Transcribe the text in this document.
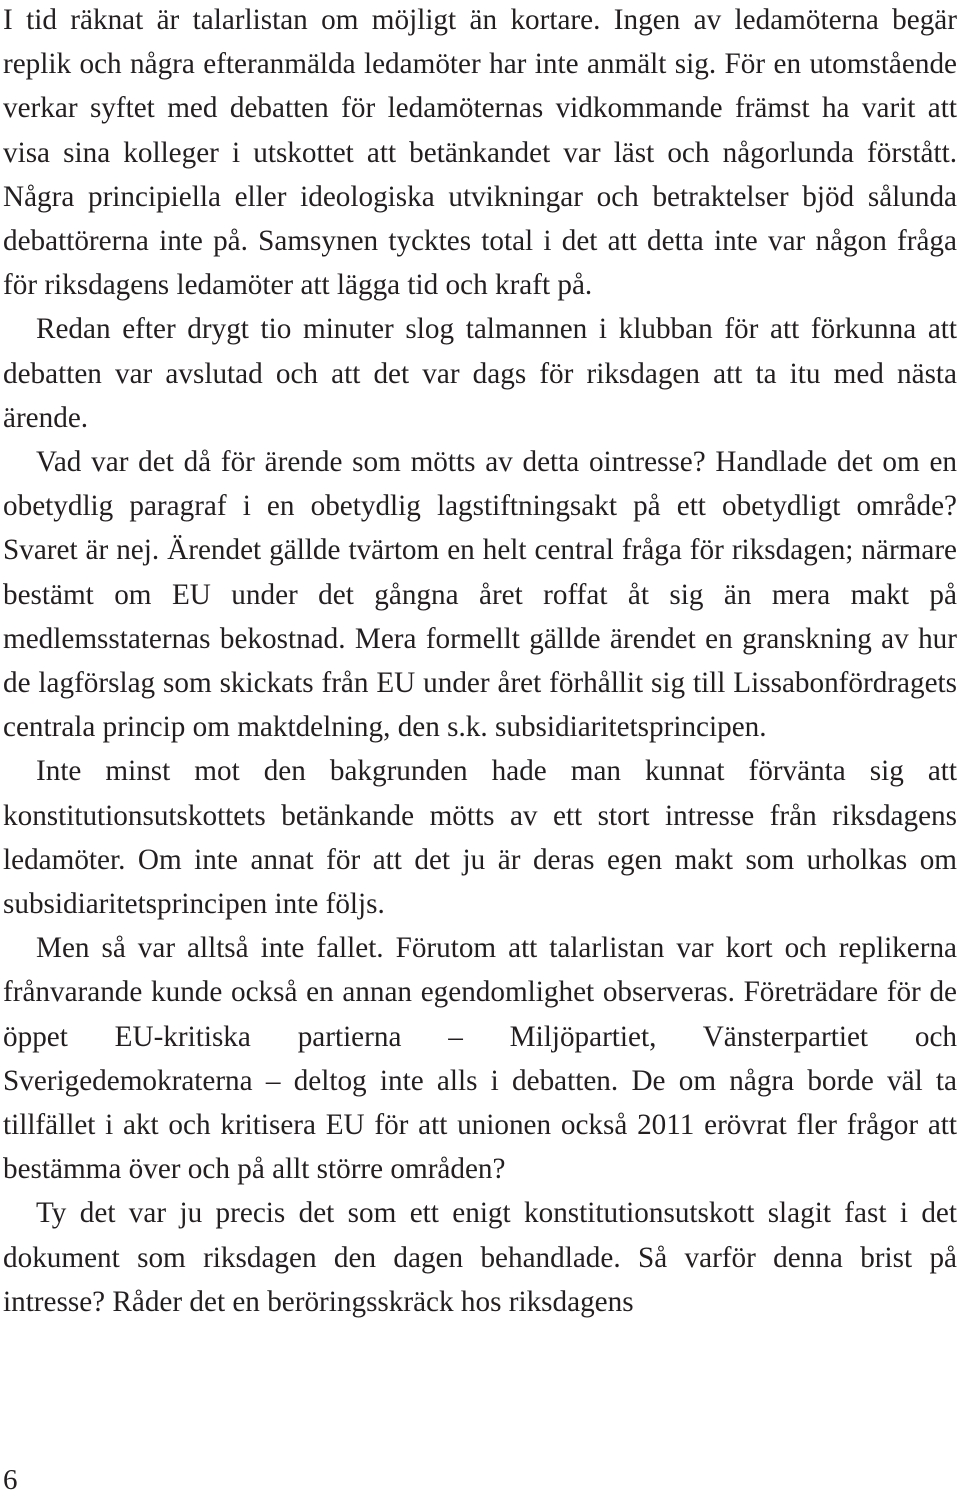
I tid räknat är talarlistan om möjligt än kortare. Ingen av ledamöterna begär replik och några efteranmälda ledamöter har inte anmält sig. För en utomstående verkar syftet med debatten för ledamöternas vidkommande främst ha varit att visa sina kolleger i utskottet att betänkandet var läst och någorlunda förstått. Några principiella eller ideologiska utvikningar och betraktelser bjöd sålunda debattörerna inte på. Samsynen tycktes total i det att detta inte var någon fråga för riksdagens ledamöter att lägga tid och kraft på.

Redan efter drygt tio minuter slog talmannen i klubban för att förkunna att debatten var avslutad och att det var dags för riksdagen att ta itu med nästa ärende.

Vad var det då för ärende som mötts av detta ointresse? Handlade det om en obetydlig paragraf i en obetydlig lagstiftningsakt på ett obetydligt område? Svaret är nej. Ärendet gällde tvärtom en helt central fråga för riksdagen; närmare bestämt om EU under det gångna året roffat åt sig än mera makt på medlemsstaternas bekostnad. Mera formellt gällde ärendet en granskning av hur de lagförslag som skickats från EU under året förhållit sig till Lissabonfördragets centrala princip om maktdelning, den s.k. subsidiaritetsprincipen.

Inte minst mot den bakgrunden hade man kunnat förvänta sig att konstitutionsutskottets betänkande mötts av ett stort intresse från riksdagens ledamöter. Om inte annat för att det ju är deras egen makt som urholkas om subsidiaritetsprincipen inte följs.

Men så var alltså inte fallet. Förutom att talarlistan var kort och replikerna frånvarande kunde också en annan egendomlighet observeras. Företrädare för de öppet EU-kritiska partierna – Miljöpartiet, Vänsterpartiet och Sverigedemokraterna – deltog inte alls i debatten. De om några borde väl ta tillfället i akt och kritisera EU för att unionen också 2011 erövrat fler frågor att bestämma över och på allt större områden?

Ty det var ju precis det som ett enigt konstitutionsutskott slagit fast i det dokument som riksdagen den dagen behandlade. Så varför denna brist på intresse? Råder det en beröringsskräck hos riksdagens

6
